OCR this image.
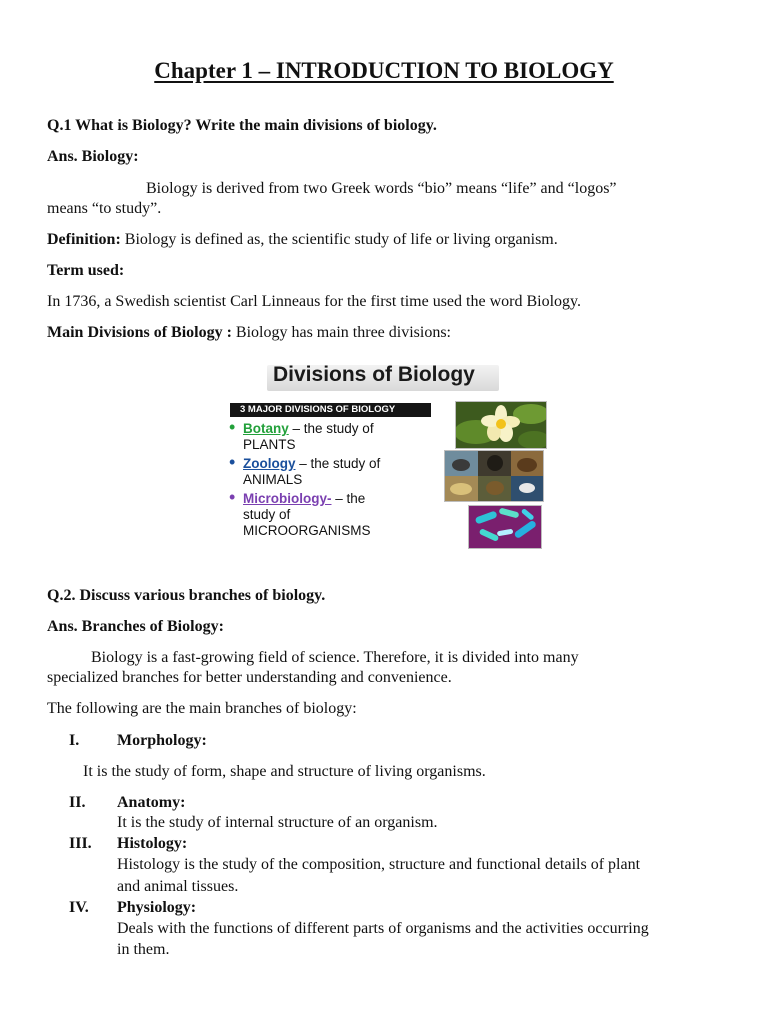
Chapter 1 – INTRODUCTION TO BIOLOGY
Q.1 What is Biology? Write the main divisions of biology.
Ans. Biology:
Biology is derived from two Greek words “bio” means “life” and “logos”
means “to study”.
Definition: Biology is defined as, the scientific study of life or living organism.
Term used:
In 1736, a Swedish scientist Carl Linneaus for the first time used the word Biology.
Main Divisions of Biology : Biology has main three divisions:
Divisions of Biology
3 MAJOR DIVISIONS OF BIOLOGY
• Botany – the study of
PLANTS
• Zoology – the study of
ANIMALS
• Microbiology- – the
study of
MICROORGANISMS
Q.2. Discuss various branches of biology.
Ans. Branches of Biology:
Biology is a fast-growing field of science. Therefore, it is divided into many
specialized branches for better understanding and convenience.
The following are the main branches of biology:
I. Morphology:
It is the study of form, shape and structure of living organisms.
II. Anatomy:
It is the study of internal structure of an organism.
III. Histology:
Histology is the study of the composition, structure and functional details of plant
and animal tissues.
IV. Physiology:
Deals with the functions of different parts of organisms and the activities occurring
in them.
